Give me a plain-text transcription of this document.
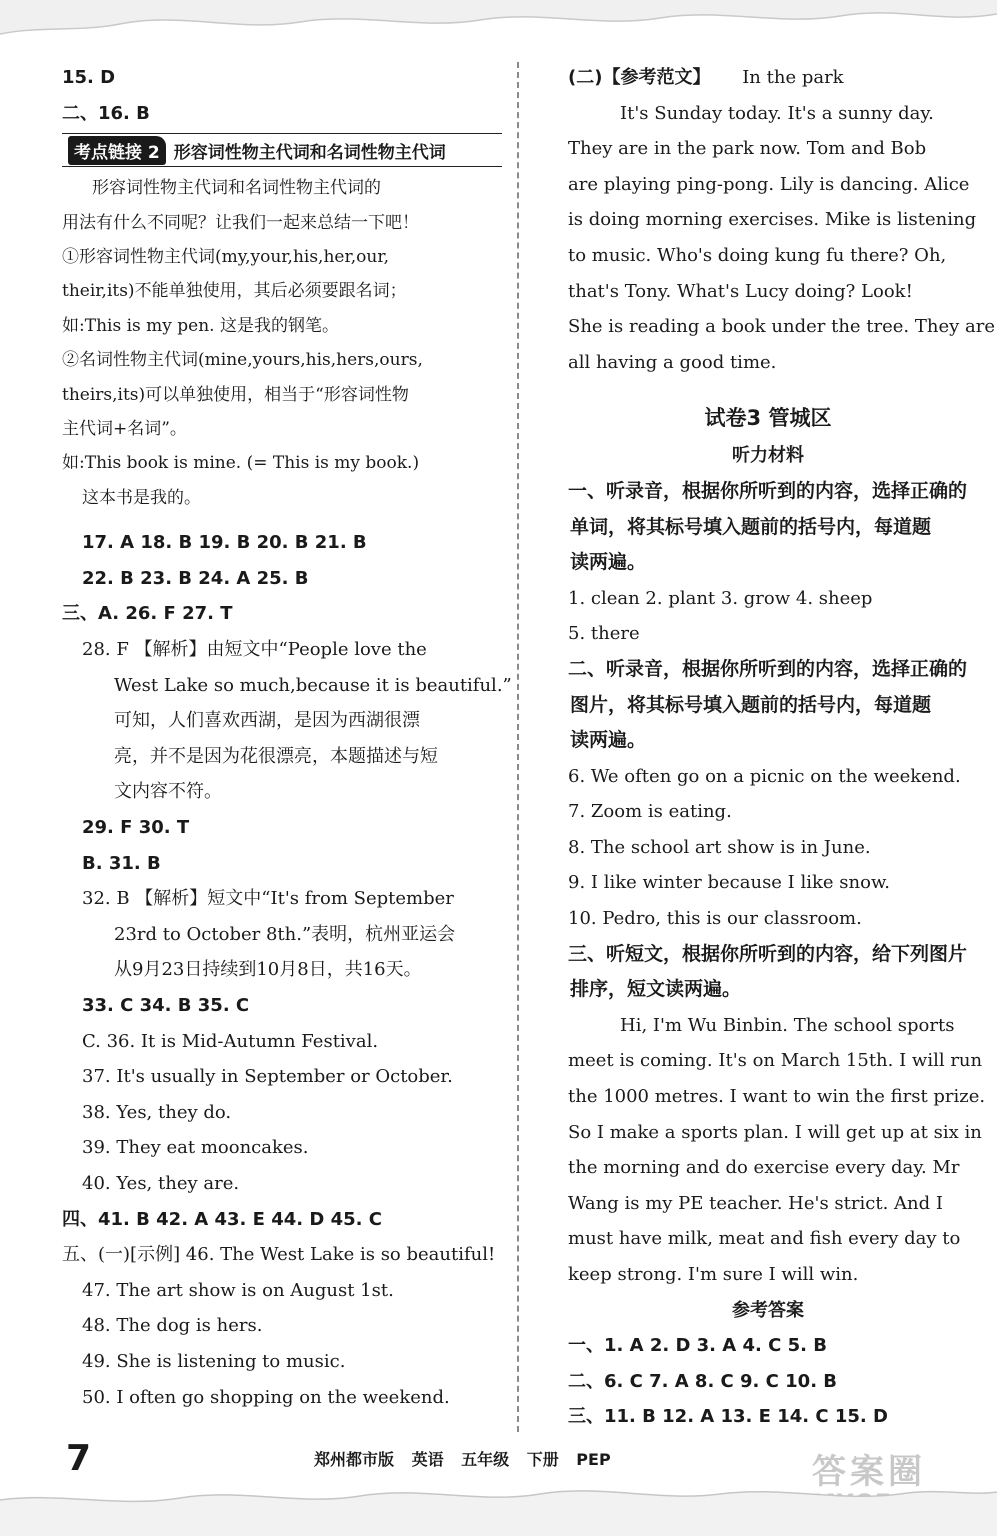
15. D
二、16. B
考点链接 2 形容词性物主代词和名词性物主代词
形容词性物主代词和名词性物主代词的
用法有什么不同呢？让我们一起来总结一下吧！
①形容词性物主代词(my,your,his,her,our,
their,its)不能单独使用，其后必须要跟名词；
如:This is my pen. 这是我的钢笔。
②名词性物主代词(mine,yours,his,hers,ours,
theirs,its)可以单独使用，相当于“形容词性物
主代词+名词”。
如:This book is mine. (= This is my book.)
这本书是我的。
17. A 18. B 19. B 20. B 21. B
22. B 23. B 24. A 25. B
三、A. 26. F 27. T
28. F 【解析】由短文中“People love the
West Lake so much,because it is beautiful.”
可知，人们喜欢西湖，是因为西湖很漂
亮，并不是因为花很漂亮，本题描述与短
文内容不符。
29. F 30. T
B. 31. B
32. B 【解析】短文中“It's from September
23rd to October 8th.”表明，杭州亚运会
从9月23日持续到10月8日，共16天。
33. C 34. B 35. C
C. 36. It is Mid-Autumn Festival.
37. It's usually in September or October.
38. Yes, they do.
39. They eat mooncakes.
40. Yes, they are.
四、41. B 42. A 43. E 44. D 45. C
五、(一)[示例] 46. The West Lake is so beautiful!
47. The art show is on August 1st.
48. The dog is hers.
49. She is listening to music.
50. I often go shopping on the weekend.
(二)【参考范文】 In the park
It's Sunday today. It's a sunny day.
They are in the park now. Tom and Bob
are playing ping-pong. Lily is dancing. Alice
is doing morning exercises. Mike is listening
to music. Who's doing kung fu there? Oh,
that's Tony. What's Lucy doing? Look!
She is reading a book under the tree. They are
all having a good time.
试卷3 管城区
听力材料
一、听录音，根据你所听到的内容，选择正确的
单词，将其标号填入题前的括号内，每道题
读两遍。
1. clean 2. plant 3. grow 4. sheep
5. there
二、听录音，根据你所听到的内容，选择正确的
图片，将其标号填入题前的括号内，每道题
读两遍。
6. We often go on a picnic on the weekend.
7. Zoom is eating.
8. The school art show is in June.
9. I like winter because I like snow.
10. Pedro, this is our classroom.
三、听短文，根据你所听到的内容，给下列图片
排序，短文读两遍。
Hi, I'm Wu Binbin. The school sports
meet is coming. It's on March 15th. I will run
the 1000 metres. I want to win the first prize.
So I make a sports plan. I will get up at six in
the morning and do exercise every day. Mr
Wang is my PE teacher. He's strict. And I
must have milk, meat and fish every day to
keep strong. I'm sure I will win.
参考答案
一、1. A 2. D 3. A 4. C 5. B
二、6. C 7. A 8. C 9. C 10. B
三、11. B 12. A 13. E 14. C 15. D
7	郑州都市版 英语 五年级 下册 PEP	答案圈
